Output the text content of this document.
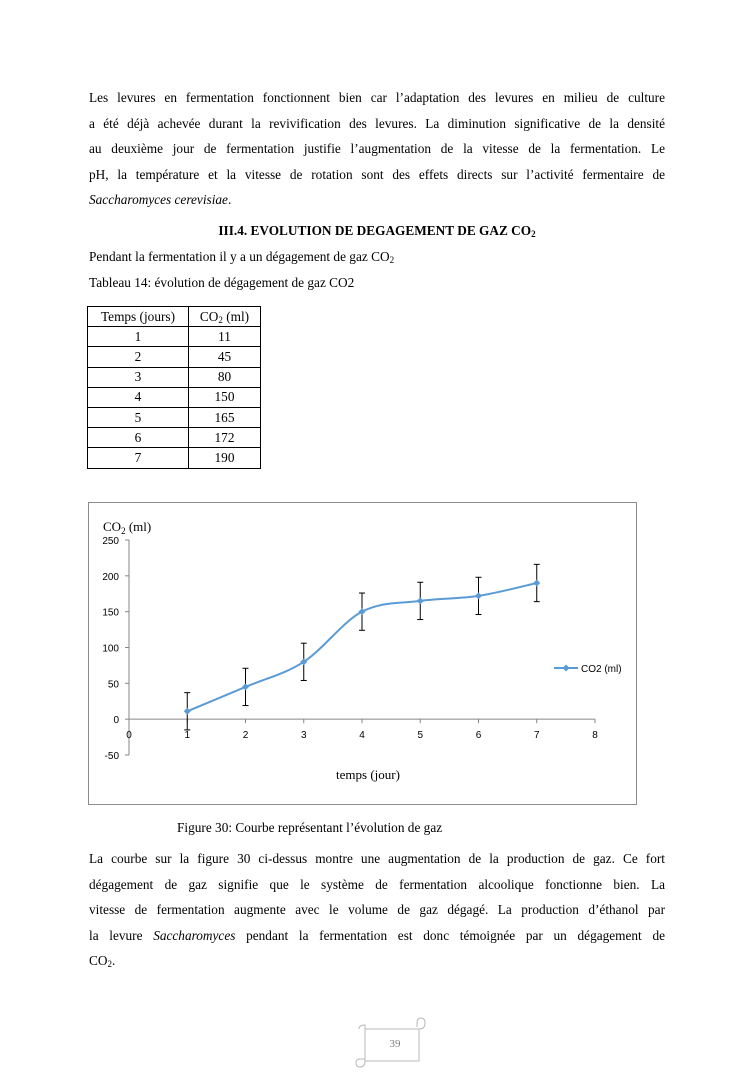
Les levures en fermentation fonctionnent bien car l’adaptation des levures en milieu de culture
a été déjà achevée durant la revivification des levures. La diminution significative de la densité
au deuxième jour de fermentation justifie l’augmentation de la vitesse de la fermentation. Le
pH, la température et la vitesse de rotation sont des effets directs sur l’activité fermentaire de
Saccharomyces cerevisiae.

III.4. EVOLUTION DE DEGAGEMENT DE GAZ $CO_2$
Pendant la fermentation il y a un dégagement de gaz $CO_2$
Tableau 14: évolution de dégagement de gaz CO2
Temps (jours)	$CO_2$ (ml)
1	11
2	45
3	80
4	150
5	165
6	172
7	190
-50
0
50
100
150
200
250
0	1	2	3	4	5	6	7	8
$CO_2$ (ml)
temps (jour)
CO2 (ml)
Figure 30: Courbe représentant l’évolution de gaz

La courbe sur la figure 30 ci-dessus montre une augmentation de la production de gaz. Ce fort
dégagement de gaz signifie que le système de fermentation alcoolique fonctionne bien. La
vitesse de fermentation augmente avec le volume de gaz dégagé. La production d’éthanol par
la levure Saccharomyces pendant la fermentation est donc témoignée par un dégagement de
$CO_2$.

39
